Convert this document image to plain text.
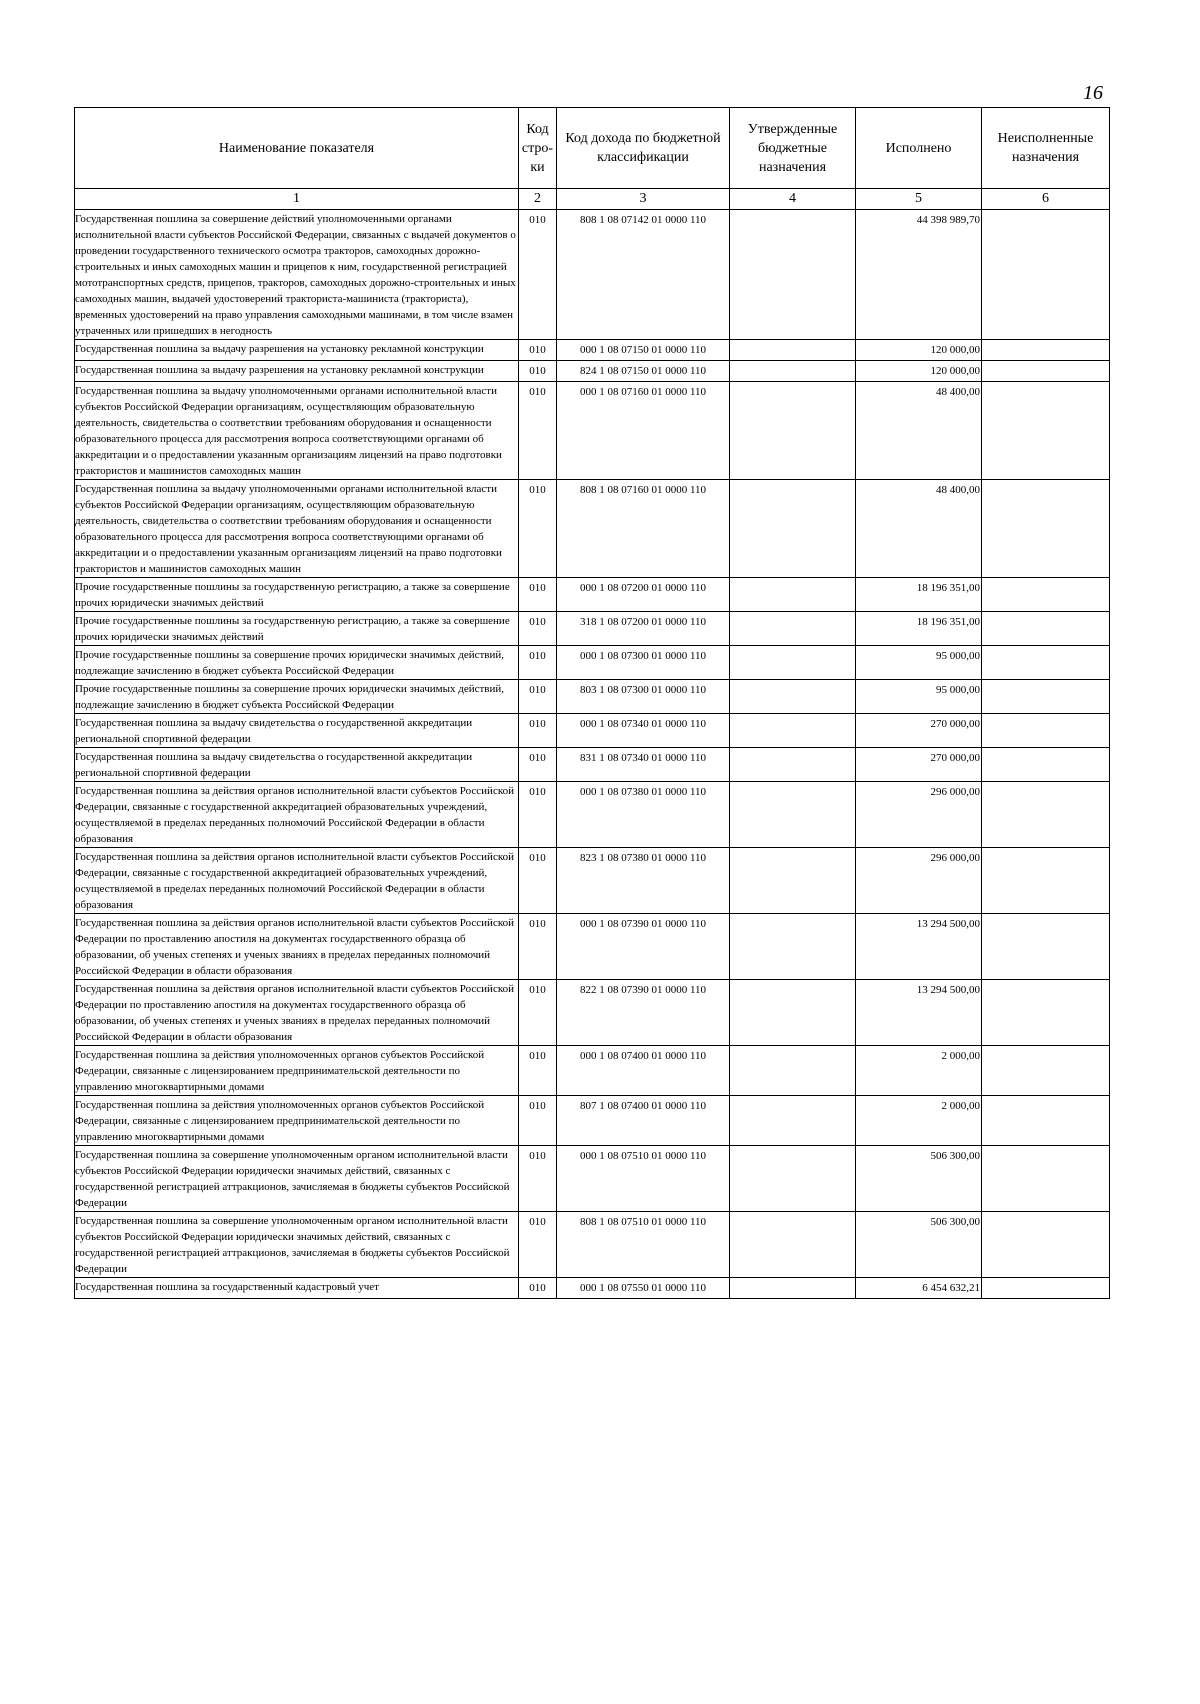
16
Наименование показателя	Код стро-ки	Код дохода по бюджетной классификации	Утвержденные бюджетные назначения	Исполнено	Неисполненные назначения
1	2	3	4	5	6
Государственная пошлина за совершение действий уполномоченными органами исполнительной власти субъектов Российской Федерации, связанных с выдачей документов о проведении государственного технического осмотра тракторов, самоходных дорожно-строительных и иных самоходных машин и прицепов к ним, государственной регистрацией мототранспортных средств, прицепов, тракторов, самоходных дорожно-строительных и иных самоходных машин, выдачей удостоверений тракториста-машиниста (тракториста), временных удостоверений на право управления самоходными машинами, в том числе взамен утраченных или пришедших в негодность	010	808 1 08 07142 01 0000 110		44 398 989,70	
Государственная пошлина за выдачу разрешения на установку рекламной конструкции	010	000 1 08 07150 01 0000 110		120 000,00	
Государственная пошлина за выдачу разрешения на установку рекламной конструкции	010	824 1 08 07150 01 0000 110		120 000,00	
Государственная пошлина за выдачу уполномоченными органами исполнительной власти субъектов Российской Федерации организациям, осуществляющим образовательную деятельность, свидетельства о соответствии требованиям оборудования и оснащенности образовательного процесса для рассмотрения вопроса соответствующими органами об аккредитации и о предоставлении указанным организациям лицензий на право подготовки трактористов и машинистов самоходных машин	010	000 1 08 07160 01 0000 110		48 400,00	
Государственная пошлина за выдачу уполномоченными органами исполнительной власти субъектов Российской Федерации организациям, осуществляющим образовательную деятельность, свидетельства о соответствии требованиям оборудования и оснащенности образовательного процесса для рассмотрения вопроса соответствующими органами об аккредитации и о предоставлении указанным организациям лицензий на право подготовки трактористов и машинистов самоходных машин	010	808 1 08 07160 01 0000 110		48 400,00	
Прочие государственные пошлины за государственную регистрацию, а также за совершение прочих юридически значимых действий	010	000 1 08 07200 01 0000 110		18 196 351,00	
Прочие государственные пошлины за государственную регистрацию, а также за совершение прочих юридически значимых действий	010	318 1 08 07200 01 0000 110		18 196 351,00	
Прочие государственные пошлины за совершение прочих юридически значимых действий, подлежащие зачислению в бюджет субъекта Российской Федерации	010	000 1 08 07300 01 0000 110		95 000,00	
Прочие государственные пошлины за совершение прочих юридически значимых действий, подлежащие зачислению в бюджет субъекта Российской Федерации	010	803 1 08 07300 01 0000 110		95 000,00	
Государственная пошлина за выдачу свидетельства о государственной аккредитации региональной спортивной федерации	010	000 1 08 07340 01 0000 110		270 000,00	
Государственная пошлина за выдачу свидетельства о государственной аккредитации региональной спортивной федерации	010	831 1 08 07340 01 0000 110		270 000,00	
Государственная пошлина за действия органов исполнительной власти субъектов Российской Федерации, связанные с государственной аккредитацией образовательных учреждений, осуществляемой в пределах переданных полномочий Российской Федерации в области образования	010	000 1 08 07380 01 0000 110		296 000,00	
Государственная пошлина за действия органов исполнительной власти субъектов Российской Федерации, связанные с государственной аккредитацией образовательных учреждений, осуществляемой в пределах переданных полномочий Российской Федерации в области образования	010	823 1 08 07380 01 0000 110		296 000,00	
Государственная пошлина за действия органов исполнительной власти субъектов Российской Федерации по проставлению апостиля на документах государственного образца об образовании, об ученых степенях и ученых званиях в пределах переданных полномочий Российской Федерации в области образования	010	000 1 08 07390 01 0000 110		13 294 500,00	
Государственная пошлина за действия органов исполнительной власти субъектов Российской Федерации по проставлению апостиля на документах государственного образца об образовании, об ученых степенях и ученых званиях в пределах переданных полномочий Российской Федерации в области образования	010	822 1 08 07390 01 0000 110		13 294 500,00	
Государственная пошлина за действия уполномоченных органов субъектов Российской Федерации, связанные с лицензированием предпринимательской деятельности по управлению многоквартирными домами	010	000 1 08 07400 01 0000 110		2 000,00	
Государственная пошлина за действия уполномоченных органов субъектов Российской Федерации, связанные с лицензированием предпринимательской деятельности по управлению многоквартирными домами	010	807 1 08 07400 01 0000 110		2 000,00	
Государственная пошлина за совершение уполномоченным органом исполнительной власти субъектов Российской Федерации юридически значимых действий, связанных с государственной регистрацией аттракционов, зачисляемая в бюджеты субъектов Российской Федерации	010	000 1 08 07510 01 0000 110		506 300,00	
Государственная пошлина за совершение уполномоченным органом исполнительной власти субъектов Российской Федерации юридически значимых действий, связанных с государственной регистрацией аттракционов, зачисляемая в бюджеты субъектов Российской Федерации	010	808 1 08 07510 01 0000 110		506 300,00	
Государственная пошлина за государственный кадастровый учет	010	000 1 08 07550 01 0000 110		6 454 632,21	
